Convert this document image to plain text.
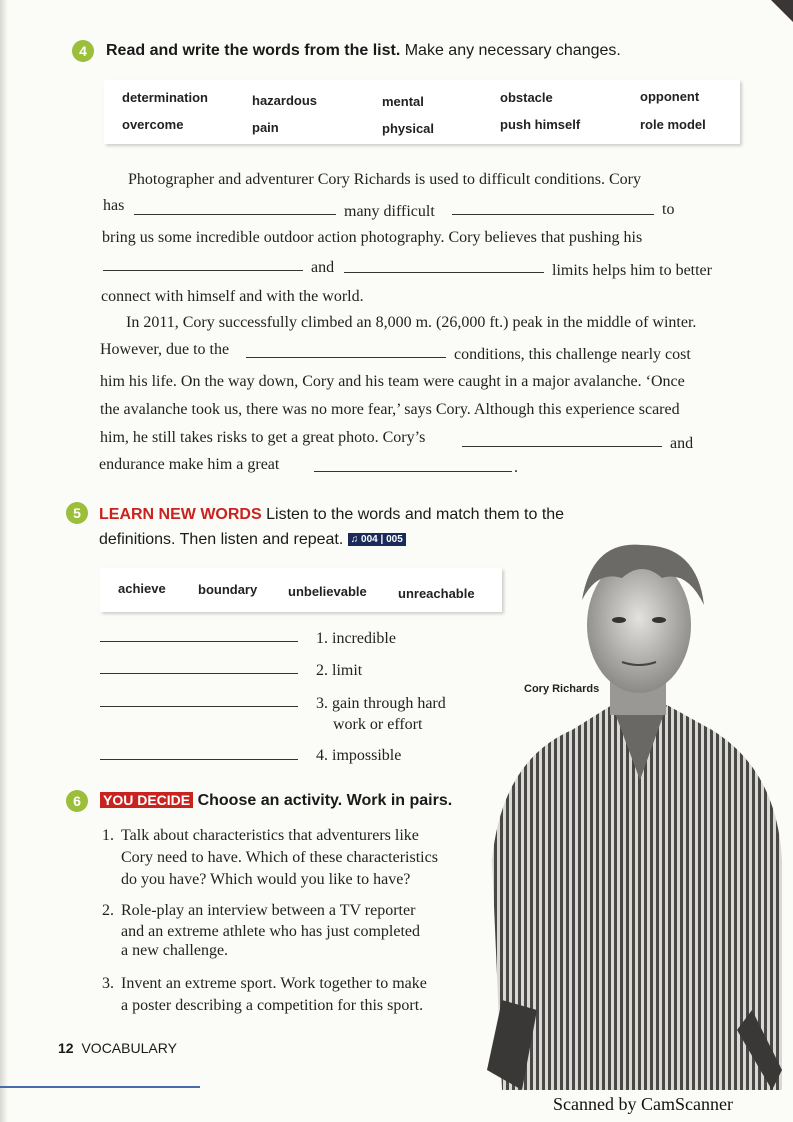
4	Read and write the words from the list. Make any necessary changes.
determination	hazardous	mental	obstacle	opponent
overcome	pain	physical	push himself	role model
Photographer and adventurer Cory Richards is used to difficult conditions. Cory
has	many difficult	to
bring us some incredible outdoor action photography. Cory believes that pushing his
and	limits helps him to better
connect with himself and with the world.
In 2011, Cory successfully climbed an 8,000 m. (26,000 ft.) peak in the middle of winter.
However, due to the	conditions, this challenge nearly cost
him his life. On the way down, Cory and his team were caught in a major avalanche. ‘Once
the avalanche took us, there was no more fear,’ says Cory. Although this experience scared
him, he still takes risks to get a great photo. Cory’s	and
endurance make him a great	.
5	LEARN NEW WORDS Listen to the words and match them to the
definitions. Then listen and repeat. ♫ 004 | 005
achieve boundary unbelievable unreachable
1. incredible
2. limit
3. gain through hard
work or effort
4. impossible
Cory Richards
6	YOU DECIDE Choose an activity. Work in pairs.
1. Talk about characteristics that adventurers like
Cory need to have. Which of these characteristics
do you have? Which would you like to have?
2. Role-play an interview between a TV reporter
and an extreme athlete who has just completed
a new challenge.
3. Invent an extreme sport. Work together to make
a poster describing a competition for this sport.
12 VOCABULARY
Scanned by CamScanner
